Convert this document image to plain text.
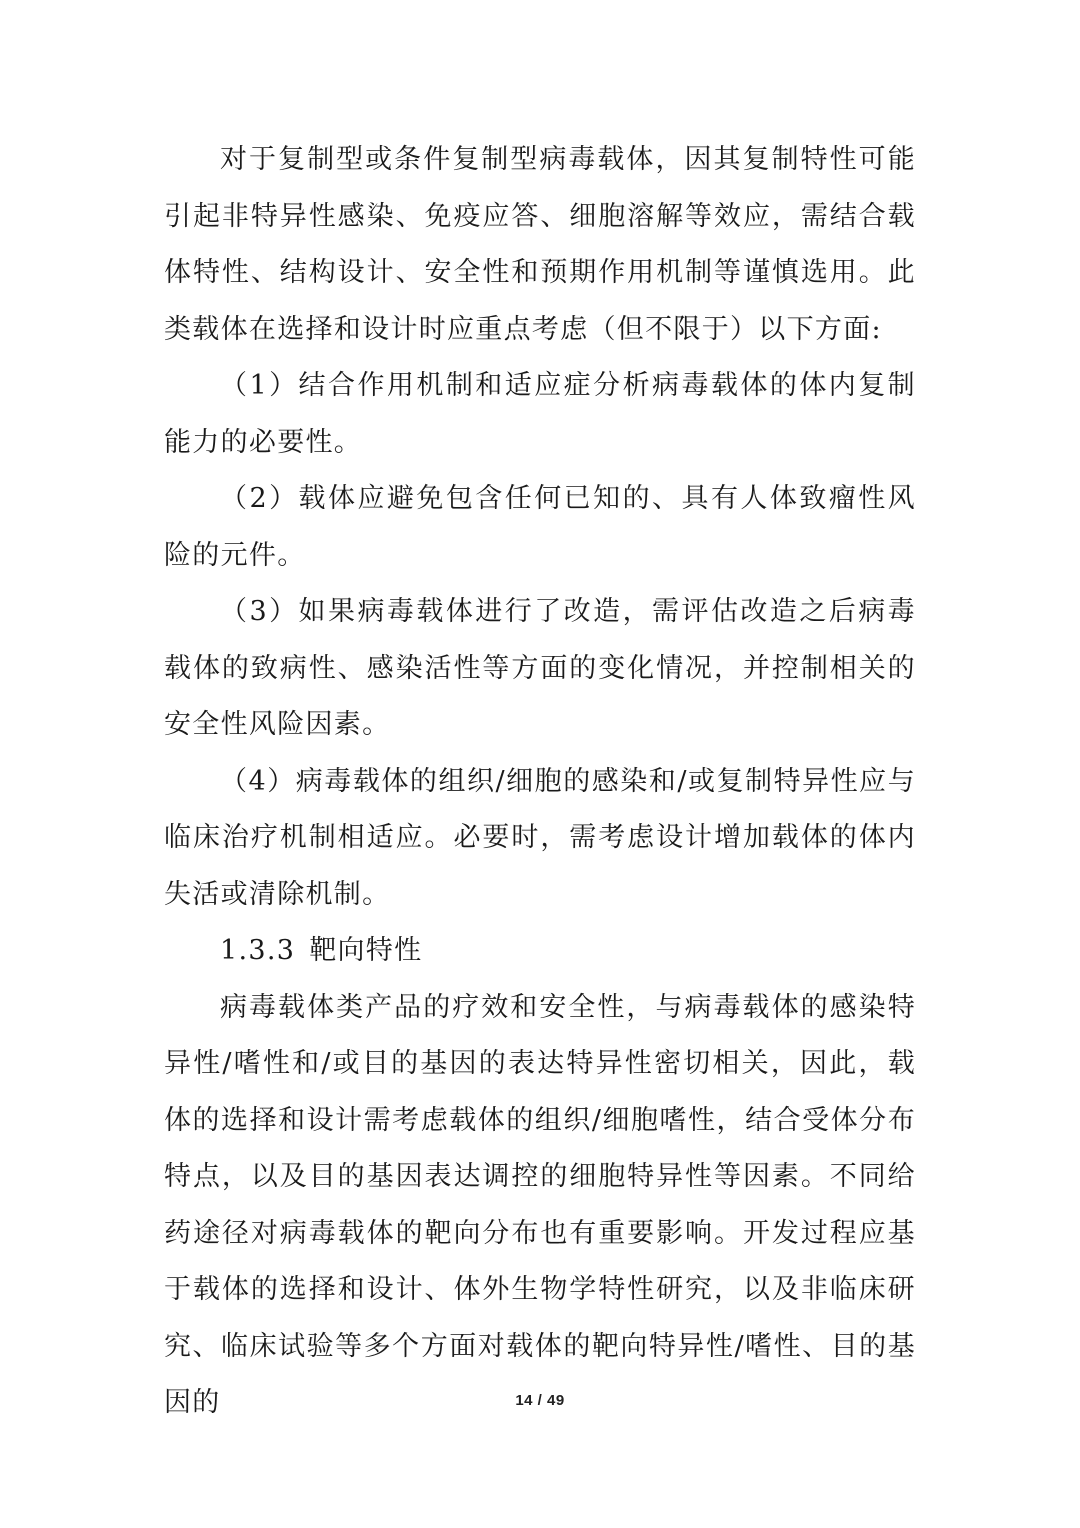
对于复制型或条件复制型病毒载体，因其复制特性可能引起非特异性感染、免疫应答、细胞溶解等效应，需结合载体特性、结构设计、安全性和预期作用机制等谨慎选用。此类载体在选择和设计时应重点考虑（但不限于）以下方面:

（1）结合作用机制和适应症分析病毒载体的体内复制能力的必要性。

（2）载体应避免包含任何已知的、具有人体致瘤性风险的元件。

（3）如果病毒载体进行了改造，需评估改造之后病毒载体的致病性、感染活性等方面的变化情况，并控制相关的安全性风险因素。

（4）病毒载体的组织/细胞的感染和/或复制特异性应与临床治疗机制相适应。必要时，需考虑设计增加载体的体内失活或清除机制。

1.3.3 靶向特性

病毒载体类产品的疗效和安全性，与病毒载体的感染特异性/嗜性和/或目的基因的表达特异性密切相关，因此，载体的选择和设计需考虑载体的组织/细胞嗜性，结合受体分布特点，以及目的基因表达调控的细胞特异性等因素。不同给药途径对病毒载体的靶向分布也有重要影响。开发过程应基于载体的选择和设计、体外生物学特性研究，以及非临床研究、临床试验等多个方面对载体的靶向特异性/嗜性、目的基因的	14 / 49
